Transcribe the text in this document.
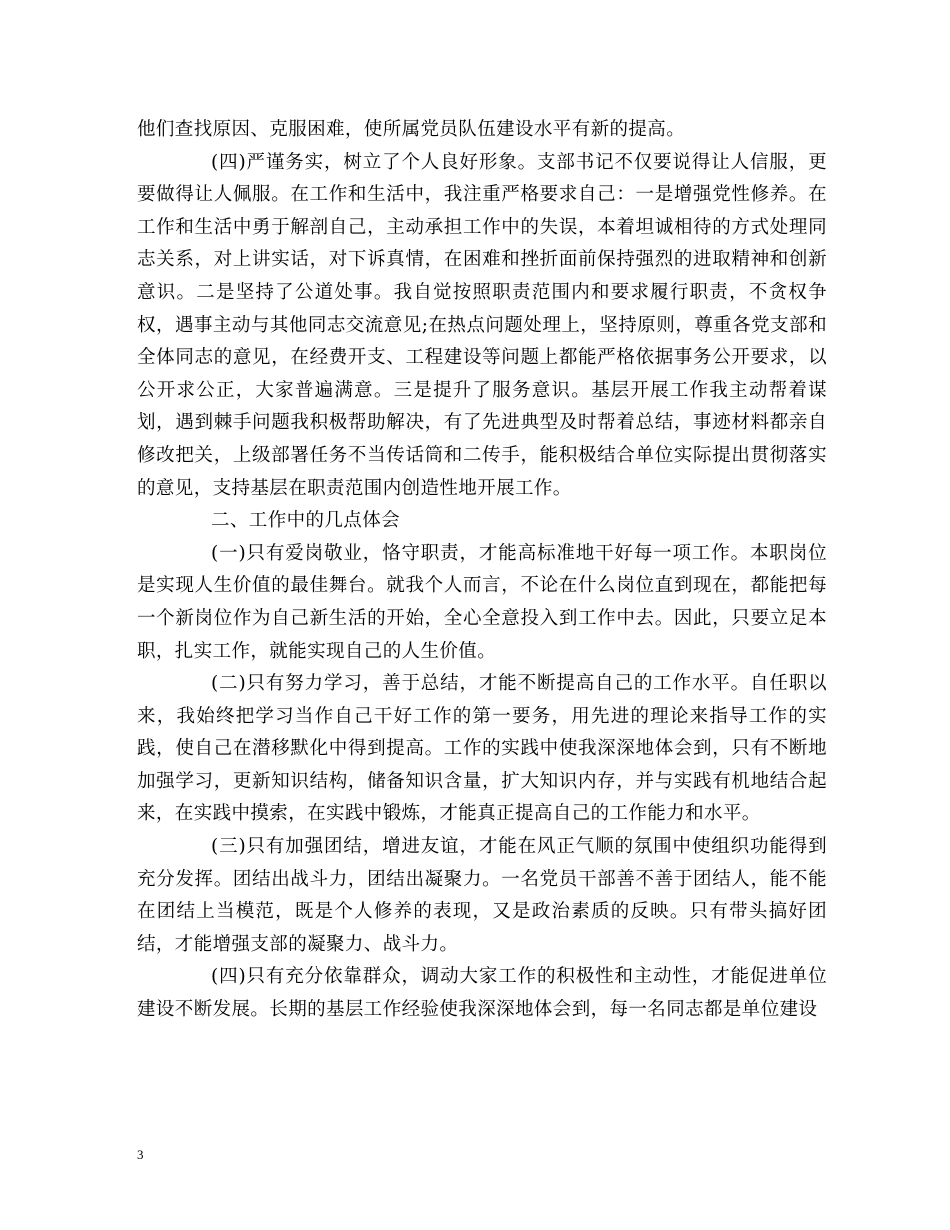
他们查找原因、克服困难，使所属党员队伍建设水平有新的提高。

(四)严谨务实，树立了个人良好形象。支部书记不仅要说得让人信服，更要做得让人佩服。在工作和生活中，我注重严格要求自己：一是增强党性修养。在工作和生活中勇于解剖自己，主动承担工作中的失误，本着坦诚相待的方式处理同志关系，对上讲实话，对下诉真情，在困难和挫折面前保持强烈的进取精神和创新意识。二是坚持了公道处事。我自觉按照职责范围内和要求履行职责，不贪权争权，遇事主动与其他同志交流意见;在热点问题处理上，坚持原则，尊重各党支部和全体同志的意见，在经费开支、工程建设等问题上都能严格依据事务公开要求，以公开求公正，大家普遍满意。三是提升了服务意识。基层开展工作我主动帮着谋划，遇到棘手问题我积极帮助解决，有了先进典型及时帮着总结，事迹材料都亲自修改把关，上级部署任务不当传话筒和二传手，能积极结合单位实际提出贯彻落实的意见，支持基层在职责范围内创造性地开展工作。

二、工作中的几点体会

(一)只有爱岗敬业，恪守职责，才能高标准地干好每一项工作。本职岗位是实现人生价值的最佳舞台。就我个人而言，不论在什么岗位直到现在，都能把每一个新岗位作为自己新生活的开始，全心全意投入到工作中去。因此，只要立足本职，扎实工作，就能实现自己的人生价值。

(二)只有努力学习，善于总结，才能不断提高自己的工作水平。自任职以来，我始终把学习当作自己干好工作的第一要务，用先进的理论来指导工作的实践，使自己在潜移默化中得到提高。工作的实践中使我深深地体会到，只有不断地加强学习，更新知识结构，储备知识含量，扩大知识内存，并与实践有机地结合起来，在实践中摸索，在实践中锻炼，才能真正提高自己的工作能力和水平。

(三)只有加强团结，增进友谊，才能在风正气顺的氛围中使组织功能得到充分发挥。团结出战斗力，团结出凝聚力。一名党员干部善不善于团结人，能不能在团结上当模范，既是个人修养的表现，又是政治素质的反映。只有带头搞好团结，才能增强支部的凝聚力、战斗力。

(四)只有充分依靠群众，调动大家工作的积极性和主动性，才能促进单位建设不断发展。长期的基层工作经验使我深深地体会到，每一名同志都是单位建设

3
